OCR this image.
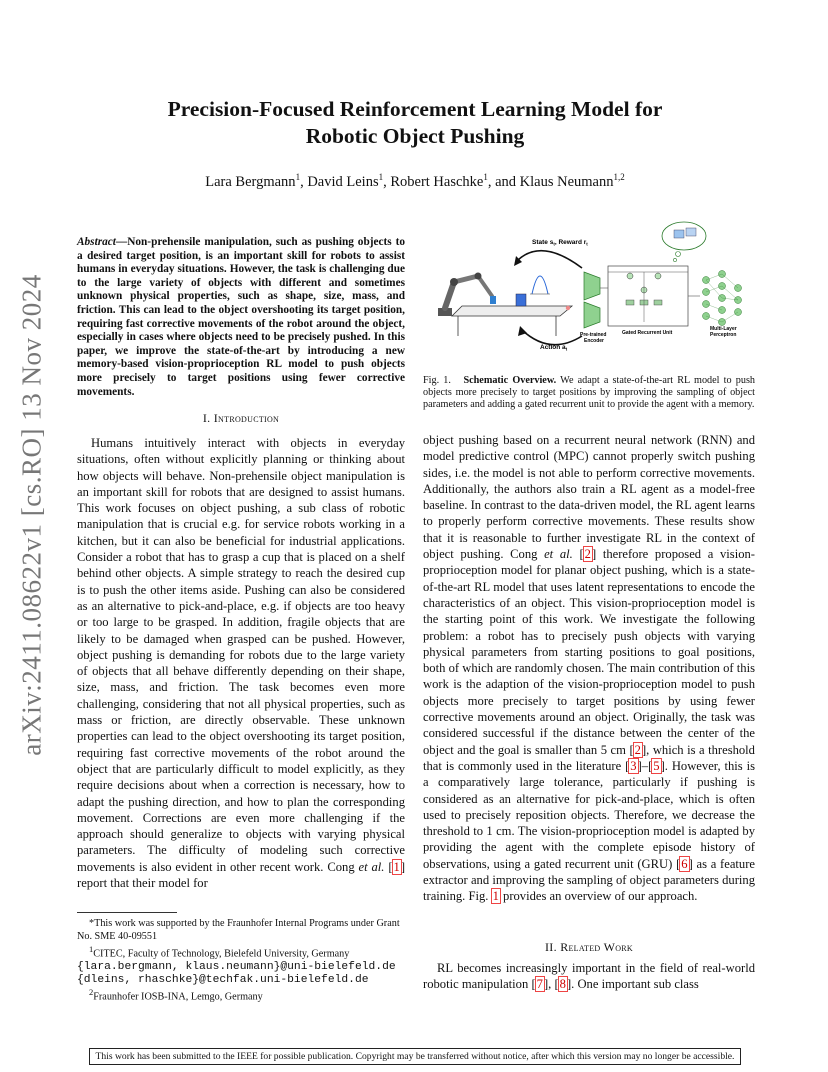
arXiv:2411.08622v1 [cs.RO] 13 Nov 2024
Precision-Focused Reinforcement Learning Model for
Robotic Object Pushing
Lara Bergmann$^1$, David Leins$^1$, Robert Haschke$^1$, and Klaus Neumann$^{1,2}$
Abstract—Non-prehensile manipulation, such as pushing objects to a desired target position, is an important skill for robots to assist humans in everyday situations. However, the task is challenging due to the large variety of objects with different and sometimes unknown physical properties, such as shape, size, mass, and friction. This can lead to the object overshooting its target position, requiring fast corrective movements of the robot around the object, especially in cases where objects need to be precisely pushed. In this paper, we improve the state-of-the-art by introducing a new memory-based vision-proprioception RL model to push objects more precisely to target positions using fewer corrective movements.
I. Introduction
Humans intuitively interact with objects in everyday situations, often without explicitly planning or thinking about how objects will behave. Non-prehensile object manipulation is an important skill for robots that are designed to assist humans. This work focuses on object pushing, a sub class of robotic manipulation that is crucial e.g. for service robots working in a kitchen, but it can also be beneficial for industrial applications. Consider a robot that has to grasp a cup that is placed on a shelf behind other objects. A simple strategy to reach the desired cup is to push the other items aside. Pushing can also be considered as an alternative to pick-and-place, e.g. if objects are too heavy or too large to be grasped. In addition, fragile objects that are likely to be damaged when grasped can be pushed. However, object pushing is demanding for robots due to the large variety of objects that all behave differently depending on their shape, size, mass, and friction. The task becomes even more challenging, considering that not all physical properties, such as mass or friction, are directly observable. These unknown properties can lead to the object overshooting its target position, requiring fast corrective movements of the robot around the object that are particularly difficult to model explicitly, as they require decisions about when a correction is necessary, how to adapt the pushing direction, and how to plan the corresponding movement. Corrections are even more challenging if the approach should generalize to objects with varying physical parameters. The difficulty of modeling such corrective movements is also evident in other recent work. Cong et al. [1] report that their model for

*This work was supported by the Fraunhofer Internal Programs under Grant No. SME 40-09551

$^1$CITEC, Faculty of Technology, Bielefeld University, Germany

{lara.bergmann, klaus.neumann}@uni-bielefeld.de

{dleins, rhaschke}@techfak.uni-bielefeld.de

$^2$Fraunhofer IOSB-INA, Lemgo, Germany

State $s_t$, Reward $r_t$
Action $a_t$
Pre-trained Encoder
Gated Recurrent Unit
Multi-Layer Perceptron
Fig. 1. Schematic Overview. We adapt a state-of-the-art RL model to push objects more precisely to target positions by improving the sampling of object parameters and adding a gated recurrent unit to provide the agent with a memory.
object pushing based on a recurrent neural network (RNN) and model predictive control (MPC) cannot properly switch pushing sides, i.e. the model is not able to perform corrective movements. Additionally, the authors also train a RL agent as a model-free baseline. In contrast to the data-driven model, the RL agent learns to properly perform corrective movements. These results show that it is reasonable to further investigate RL in the context of object pushing. Cong et al. [2] therefore proposed a vision-proprioception model for planar object pushing, which is a state-of-the-art RL model that uses latent representations to encode the characteristics of an object. This vision-proprioception model is the starting point of this work. We investigate the following problem: a robot has to precisely push objects with varying physical parameters from starting positions to goal positions, both of which are randomly chosen. The main contribution of this work is the adaption of the vision-proprioception model to push objects more precisely to target positions by using fewer corrective movements around an object. Originally, the task was considered successful if the distance between the center of the object and the goal is smaller than 5 cm [2], which is a threshold that is commonly used in the literature [3]–[5]. However, this is a comparatively large tolerance, particularly if pushing is considered as an alternative for pick-and-place, which is often used to precisely reposition objects. Therefore, we decrease the threshold to 1 cm. The vision-proprioception model is adapted by providing the agent with the complete episode history of observations, using a gated recurrent unit (GRU) [6] as a feature extractor and improving the sampling of object parameters during training. Fig. 1 provides an overview of our approach.
II. Related Work
RL becomes increasingly important in the field of real-world robotic manipulation [7], [8]. One important sub class
This work has been submitted to the IEEE for possible publication. Copyright may be transferred without notice, after which this version may no longer be accessible.
